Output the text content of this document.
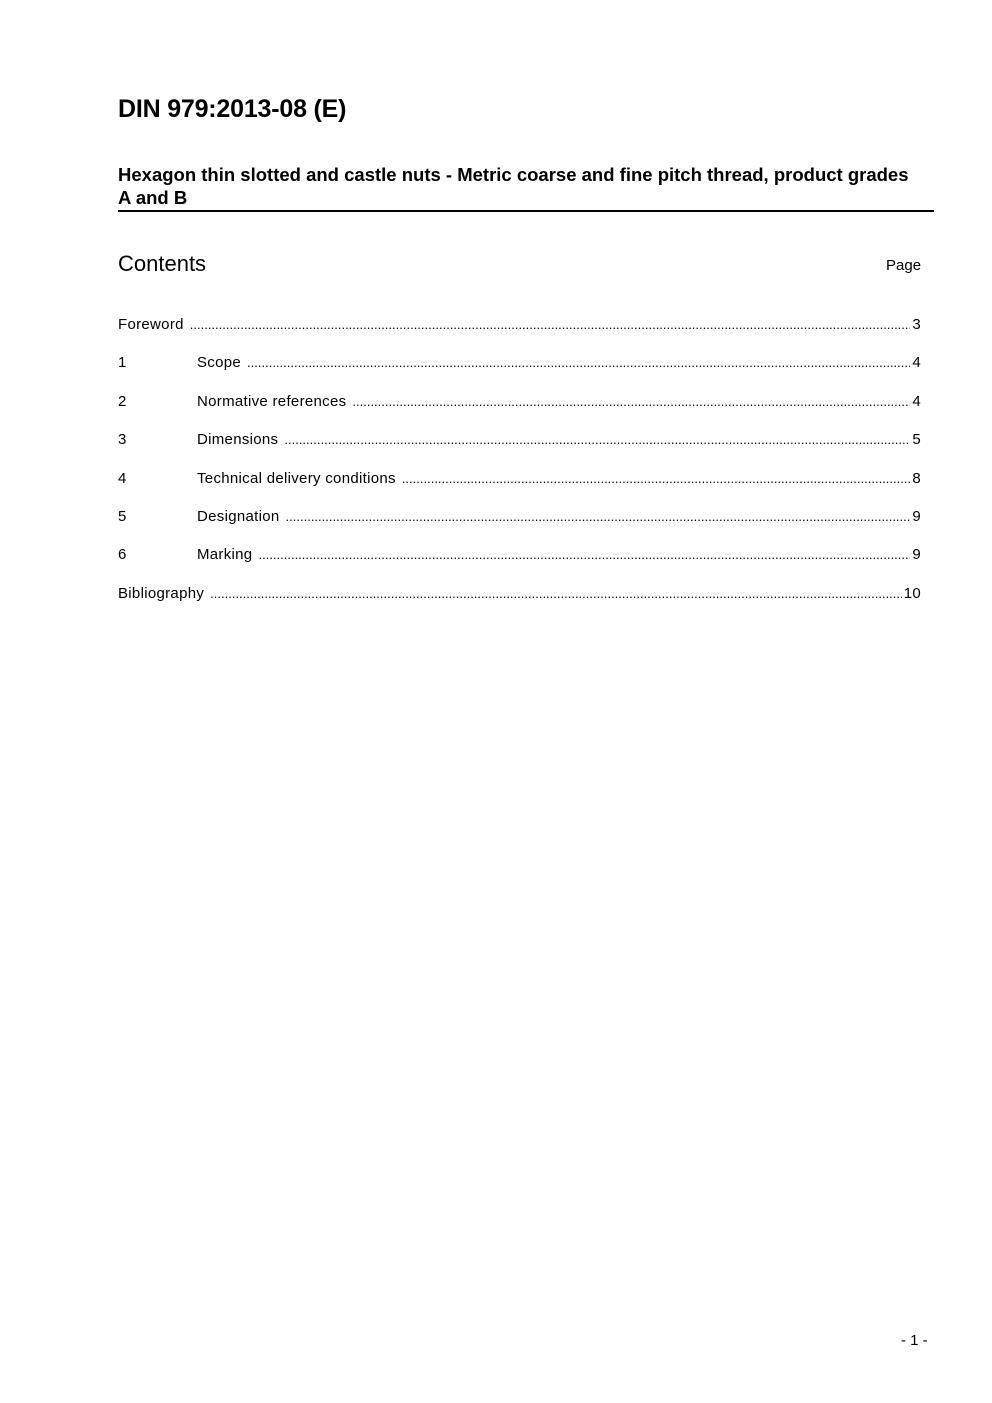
DIN 979:2013-08 (E)
Hexagon thin slotted and castle nuts - Metric coarse and fine pitch thread, product grades A and B
Contents	Page
Foreword .....	3
1	Scope .....	4
2	Normative references .....	4
3	Dimensions .....	5
4	Technical delivery conditions .....	8
5	Designation .....	9
6	Marking .....	9
Bibliography .....	10
- 1 -
